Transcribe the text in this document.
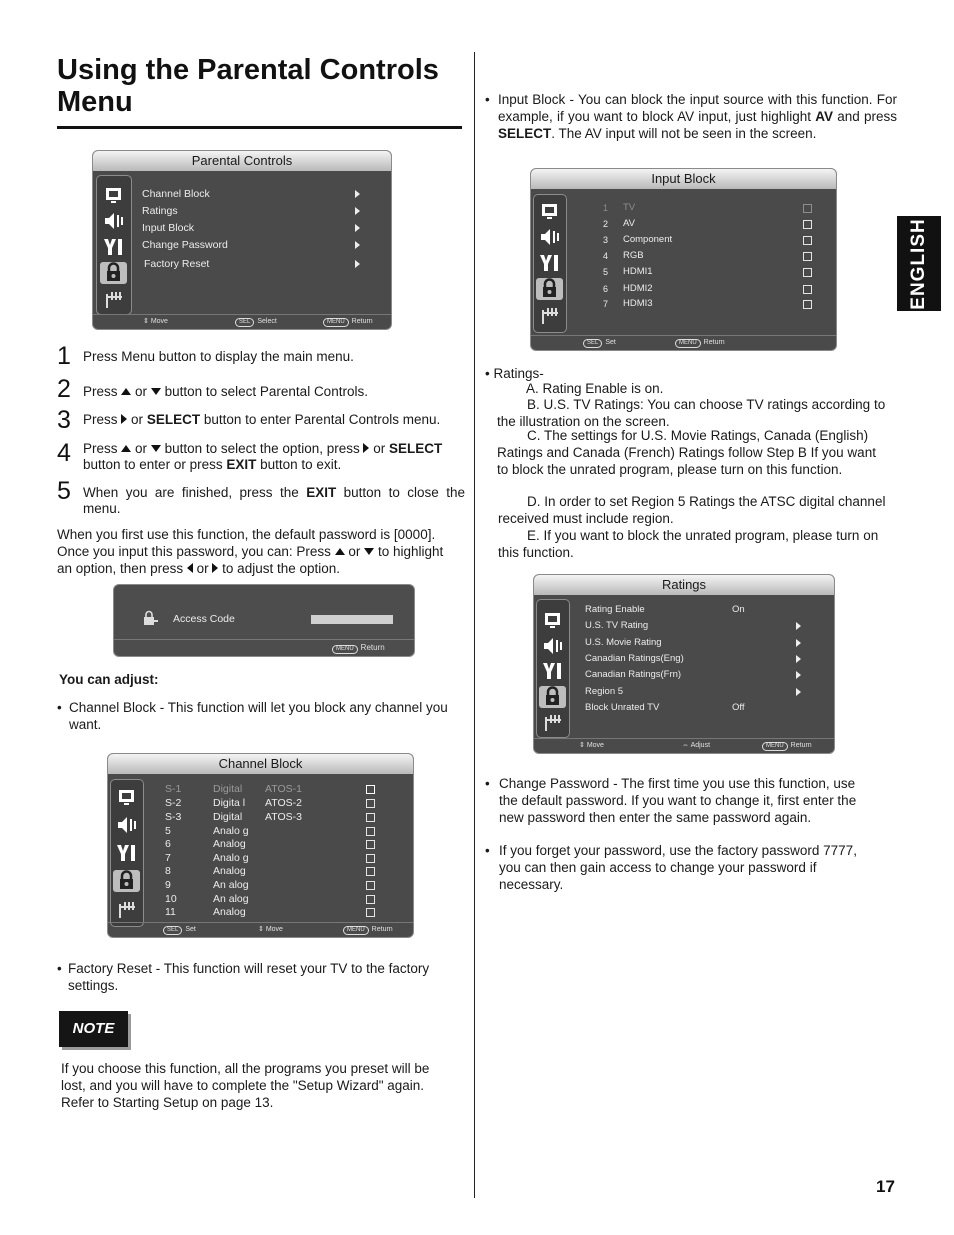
Using the Parental Controls Menu
Parental Controls
Channel Block
Ratings
Input Block
Change Password
Factory Reset
⇕ Move	SEL Select	MENU Return
1 Press Menu button to display the main menu.
2 Press or button to select Parental Controls.
3 Press or SELECT button to enter Parental Controls menu.
4 Press or button to select the option, press or SELECT button to enter or press EXIT button to exit.
5 When you are finished, press the EXIT button to close the menu.
When you first use this function, the default password is [0000].
Once you input this password, you can: Press or to highlight
an option, then press or to adjust the option.
Access Code
MENU Return
You can adjust:
• Channel Block - This function will let you block any channel you want.
Channel Block
S-1	Digital ATOS-1
S-2	Digita l ATOS-2
S-3	Digital ATOS-3
5	Analo g
6	Analog
7	Analo g
8	Analog
9	An alog
10	An alog
11	Analog
SEL Set	⇕ Move	MENU Return
• Factory Reset - This function will reset your TV to the factory settings.
NOTE
If you choose this function, all the programs you preset will be lost, and you will have to complete the "Setup Wizard" again. Refer to Starting Setup on page 13.
• Input Block - You can block the input source with this function. For example, if you want to block AV input, just highlight AV and press SELECT. The AV input will not be seen in the screen.
Input Block
1 TV
2 AV
3 Component
4 RGB
5 HDMI1
6 HDMI2
7 HDMI3
SEL Set	MENU Return
• Ratings-
A. Rating Enable is on.
B. U.S. TV Ratings: You can choose TV ratings according to the illustration on the screen.
C. The settings for U.S. Movie Ratings, Canada (English) Ratings and Canada (French) Ratings follow Step B If you want to block the unrated program, please turn on this function.
D. In order to set Region 5 Ratings the ATSC digital channel received must include region.
E. If you want to block the unrated program, please turn on this function.
Ratings
Rating Enable	On
U.S. TV Rating
U.S. Movie Rating
Canadian Ratings(Eng)
Canadian Ratings(Frn)
Region 5
Block Unrated TV	Off
⇕ Move	⇔ Adjust	MENU Return
• Change Password - The first time you use this function, use the default password. If you want to change it, first enter the new password then enter the same password again.
• If you forget your password, use the factory password 7777, you can then gain access to change your password if necessary.
ENGLISH
17
